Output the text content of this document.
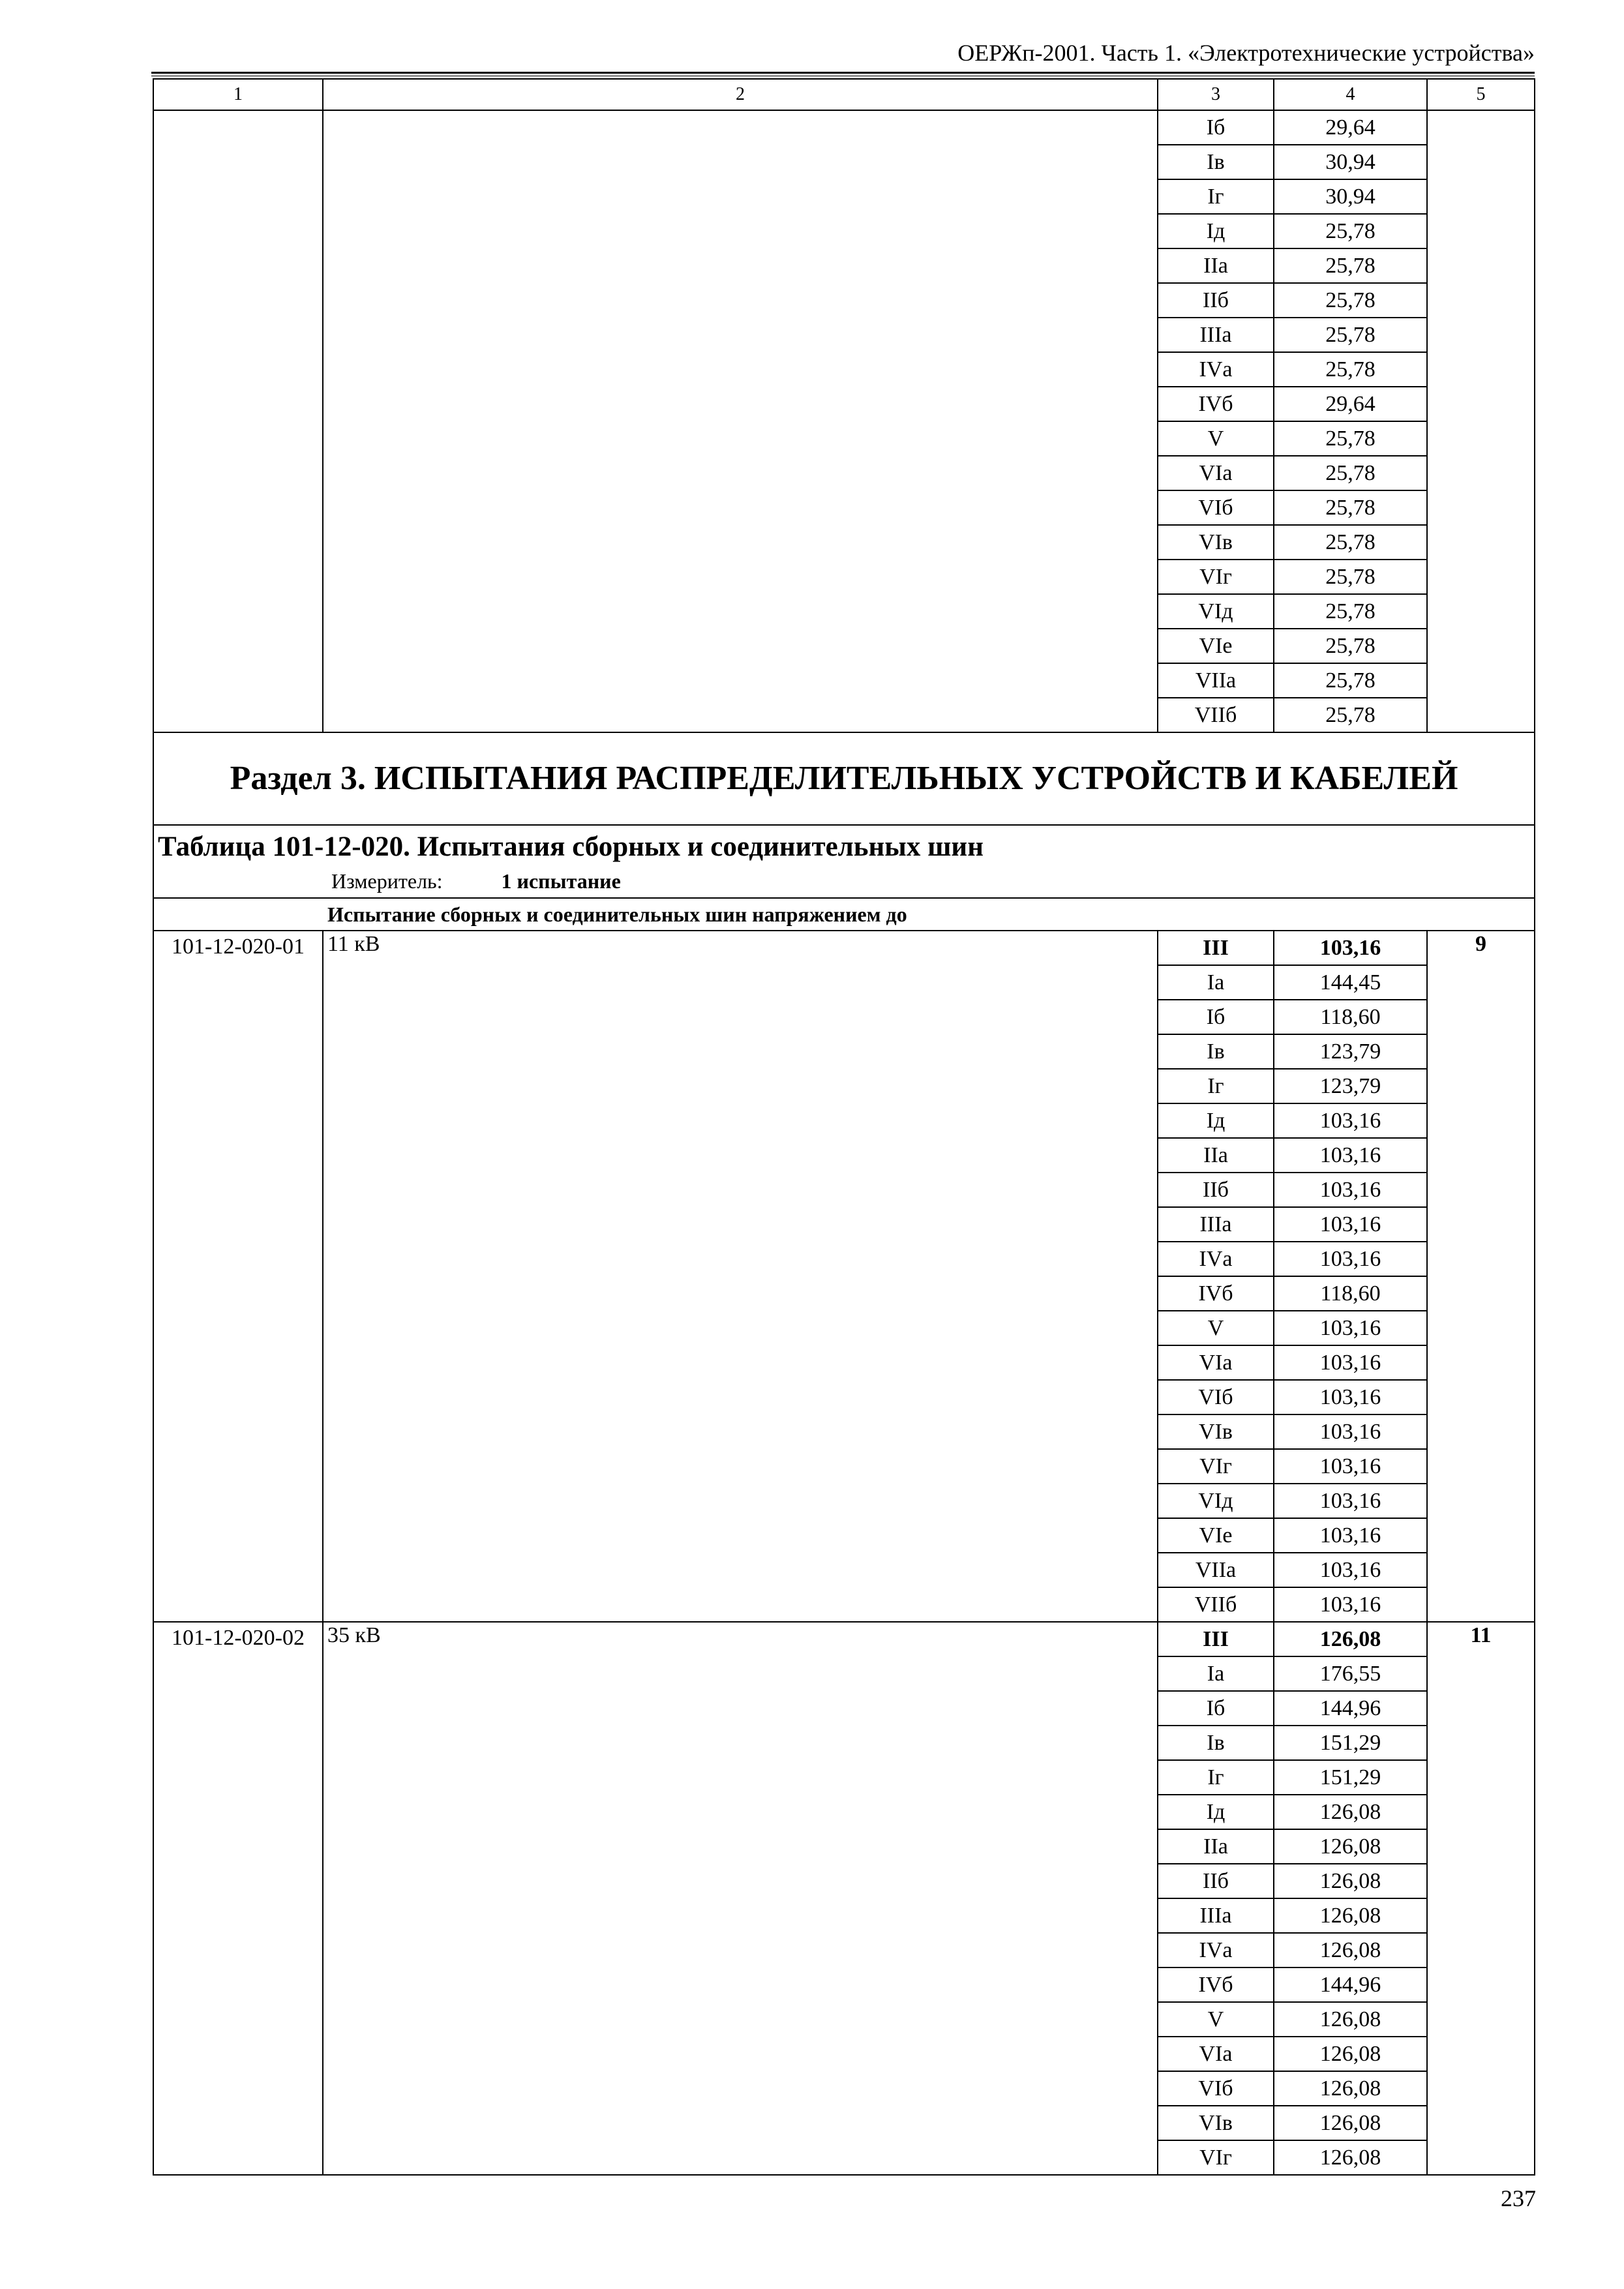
ОЕРЖп-2001. Часть 1. «Электротехнические устройства»
1	2	3	4	5
		Iб	29,64	
		Iв	30,94	
		Iг	30,94	
		Iд	25,78	
		IIа	25,78	
		IIб	25,78	
		IIIа	25,78	
		IVа	25,78	
		IVб	29,64	
		V	25,78	
		VIа	25,78	
		VIб	25,78	
		VIв	25,78	
		VIг	25,78	
		VIд	25,78	
		VIе	25,78	
		VIIа	25,78	
		VIIб	25,78	
Раздел 3. ИСПЫТАНИЯ РАСПРЕДЕЛИТЕЛЬНЫХ УСТРОЙСТВ И КАБЕЛЕЙ				
Таблица 101-12-020. Испытания сборных и соединительных шин
Измеритель: 1 испытание				

Испытание сборных и соединительных шин напряжением до				
101-12-020-01	11 кВ	III	103,16	9
		Iа	144,45	
		Iб	118,60	
		Iв	123,79	
		Iг	123,79	
		Iд	103,16	
		IIа	103,16	
		IIб	103,16	
		IIIа	103,16	
		IVа	103,16	
		IVб	118,60	
		V	103,16	
		VIа	103,16	
		VIб	103,16	
		VIв	103,16	
		VIг	103,16	
		VIд	103,16	
		VIе	103,16	
		VIIа	103,16	
		VIIб	103,16	
101-12-020-02	35 кВ	III	126,08	11
		Iа	176,55	
		Iб	144,96	
		Iв	151,29	
		Iг	151,29	
		Iд	126,08	
		IIа	126,08	
		IIб	126,08	
		IIIа	126,08	
		IVа	126,08	
		IVб	144,96	
		V	126,08	
		VIа	126,08	
		VIб	126,08	
		VIв	126,08	
		VIг	126,08	
237
